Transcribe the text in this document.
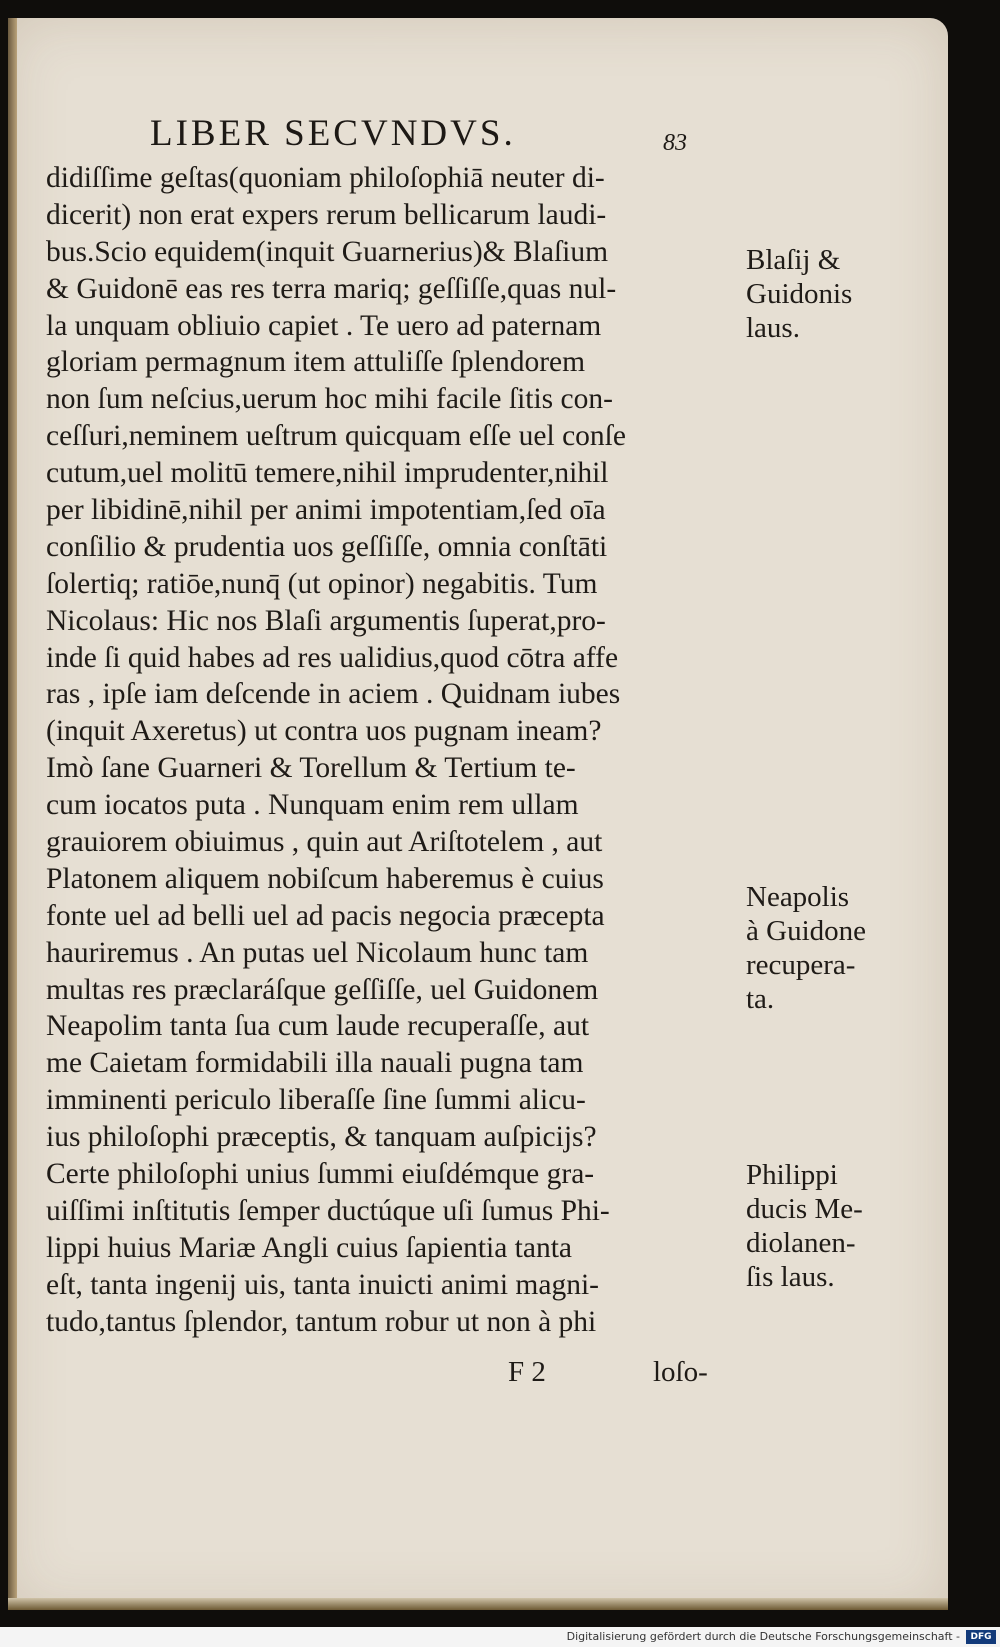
LIBER SECVNDVS.	83
didiſſime geſtas(quoniam philoſophiā neuter di-
dicerit) non erat expers rerum bellicarum laudi-
bus.Scio equidem(inquit Guarnerius)& Blaſium
& Guidonē eas res terra mariq; geſſiſſe,quas nul-
la unquam obliuio capiet . Te uero ad paternam
gloriam permagnum item attuliſſe ſplendorem
non ſum neſcius,uerum hoc mihi facile ſitis con-
ceſſuri,neminem ueſtrum quicquam eſſe uel conſe
cutum,uel molitū temere,nihil imprudenter,nihil
per libidinē,nihil per animi impotentiam,ſed oīa
conſilio & prudentia uos geſſiſſe, omnia conſtāti
ſolertiq; ratiōe,nunq̄ (ut opinor) negabitis. Tum
Nicolaus: Hic nos Blaſi argumentis ſuperat,pro-
inde ſi quid habes ad res ualidius,quod cōtra affe
ras , ipſe iam deſcende in aciem . Quidnam iubes
(inquit Axeretus) ut contra uos pugnam ineam?
Imò ſane Guarneri & Torellum & Tertium te-
cum iocatos puta . Nunquam enim rem ullam
grauiorem obiuimus , quin aut Ariſtotelem , aut
Platonem aliquem nobiſcum haberemus è cuius
fonte uel ad belli uel ad pacis negocia præcepta
hauriremus . An putas uel Nicolaum hunc tam
multas res præclaráſque geſſiſſe, uel Guidonem
Neapolim tanta ſua cum laude recuperaſſe, aut
me Caietam formidabili illa nauali pugna tam
imminenti periculo liberaſſe ſine ſummi alicu-
ius philoſophi præceptis, & tanquam auſpicijs?
Certe philoſophi unius ſummi eiuſdémque gra-
uiſſimi inſtitutis ſemper ductúque uſi ſumus Phi-
lippi huius Mariæ Angli cuius ſapientia tanta
eſt, tanta ingenij uis, tanta inuicti animi magni-
tudo,tantus ſplendor, tantum robur ut non à phi
Blaſij &
Guidonis
laus.
Neapolis
à Guidone
recupera-
ta.
Philippi
ducis Me-
diolanen-
ſis laus.
F 2	loſo-
Digitalisierung gefördert durch die Deutsche Forschungsgemeinschaft -	DFG
